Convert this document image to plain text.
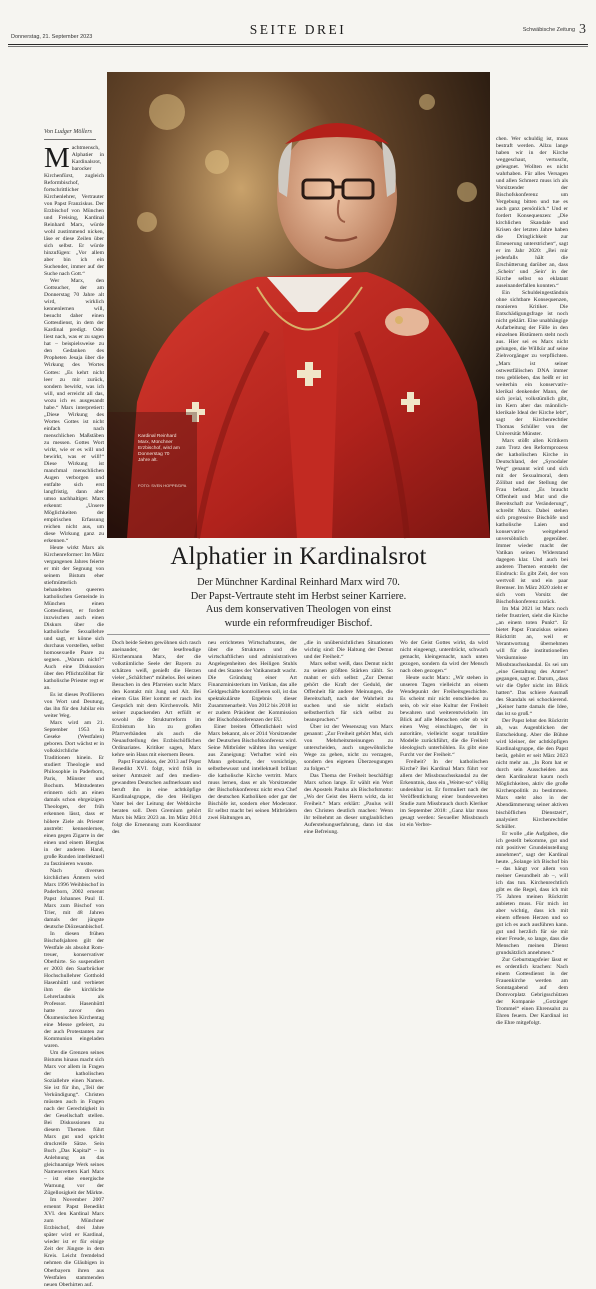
Donnerstag, 21. September 2023	SEITE DREI	Schwäbische Zeitung 3
Von Ludger Möllers

Machtmensch, Alphatier in Kardinalsrot, barocker Kirchenfürst, zugleich Reformbischof, fortschrittlicher Kirchenlehrer, Vertrauter von Papst Franziskus. Der Erzbischof von München und Freising, Kardinal Reinhard Marx, würde wohl zustimmend nicken, läse er diese Zeilen über sich selbst. Er würde hinzufügen: „Vor allem aber bin ich ein Suchender, immer auf der Suche nach Gott.“

Wer Marx, den Gottsucher, der am Donnerstag 70 Jahre alt wird, wirklich kennenlernen will, besucht daher einen Gottesdienst, in dem der Kardinal predigt. Oder liest nach, was er zu sagen hat – beispielsweise zu den Gedanken des Propheten Jesaja über die Wirkung des Wortes Gottes: „Es kehrt nicht leer zu mir zurück, sondern bewirkt, was ich will, und erreicht all das, wozu ich es ausgesandt habe.“ Marx interpretiert: „Diese Wirkung des Wortes Gottes ist nicht einfach nach menschlichen Maßstäben zu messen. Gottes Wort wirkt, wie er es will und bewirkt, was er will!“ Diese Wirkung ist manchmal menschlichen Augen verborgen und entfalte sich erst langfristig, dann aber umso nachhaltiger. Marx erkennt: „Unsere Möglichkeiten der empirischen Erfassung reichen nicht aus, um diese Wirkung ganz zu erkennen.“

Heute wirkt Marx als Kirchenreformer: Im März vergangenen Jahres feierte er mit der Segnung von seinem Bistum eher stiefmütterlich behandelten queeren katholischen Gemeinde in München einen Gottesdienst, er fordert inzwischen auch einen Diskurs über die katholische Sexuallehre und sagt, er könne sich durchaus vorstellen, selbst homosexuelle Paare zu segnen. „Warum nicht?“ Auch eine Diskussion über den Pflichtzölibat für katholische Priester regt er an.

Es ist dieses Profilieren von Wort und Deutung, das ihn für den Jubilar ein weiter Weg.

Marx wird am 21. September 1953 in Geseke (Westfalen) geboren. Dort wächst er in volkskirchliche Traditionen hinein. Er studiert Theologie und Philosophie in Paderborn, Paris, Münster und Bochum. Mitstudenten erinnern sich an einen damals schon ehrgeizigen Theologen, der früh erkennen lässt, dass er höhere Ziele als Priester anstrebt: kennenlernen, einen gegen Zigarre in der einen und einem Bierglas in der anderen Hand, große Runden intellektuell zu faszinieren wusste.

Nach diversen kirchlichen Ämtern wird Marx 1996 Weihbischof in Paderborn, 2002 ernennt Papst Johannes Paul II. Marx zum Bischof von Trier, mit 48 Jahren damals der jüngste deutsche Diözesanbischof.

In diesen frühen Bischofsjahren gilt der Westfale als absolut Rom-treuer, konservativer Oberhirte. So suspendiert er 2003 den Saarbrücker Hochschullehrer Gotthold Hasenhüttl und verbietet ihm die kirchliche Lehrerlaubnis als Professor. Hasenhüttl hatte zuvor den Ökumenischen Kirchentag eine Messe gefeiert, zu der auch Protestanten zur Kommunion eingeladen waren.

Um die Grenzen seines Bistums hinaus macht sich Marx vor allem in Fragen der katholischen Soziallehre einen Namen. Sie ist für ihn, „Teil der Verkündigung“. Christen müssten auch in Fragen nach der Gerechtigkeit in der Gesellschaft stellen. Bei Diskussionen zu diesem Themen führt Marx gut und spricht druckreife Sätze. Sein Buch „Das Kapital“ – in Anlehnung an das gleichnamige Werk seines Namensvetters Karl Marx – ist eine energische Warnung vor der Zügellosigkeit der Märkte.

Im November 2007 ernennt Papst Benedikt XVI. den Kardinal Marx zum Münchner Erzbischof, drei Jahre später wird er Kardinal, wieder ist er für einige Zeit der Jüngste in dem Kreis. Leicht fremdelnd nehmen die Gläubigen in Oberbayern ihren aus Westfalen stammenden neuen Oberhirten auf.

Kardinal Reinhard Marx, Münchner Erzbischof, wird am Donnerstag 70 Jahre alt.
FOTO: SVEN HOPPE/DPA
Alphatier in Kardinalsrot
Der Münchner Kardinal Reinhard Marx wird 70.
Der Papst-Vertraute steht im Herbst seiner Karriere.
Aus dem konservativen Theologen von einst
wurde ein reformfreudiger Bischof.

Doch beide Seiten gewöhnen sich rasch aneinander, der lesefreudige Kirchenmann Marx, der die volkstümliche Seele der Bayern zu schätzen weiß, genießt die Herzen vieler „Schäfchen“ mühelos. Bei seinen Besuchen in den Pfarreien sucht Marx den Kontakt mit Jung und Alt. Bei einem Glas Bier kommt er rasch ins Gespräch mit dem Kirchenvolk. Mit seiner zupackenden Art erfüllt er sowohl die Strukturreform im Erzbistum hin zu großen Pfarrverbänden als auch die Neuaufstellung des Erzbischöflichen Ordinariates. Kritiker sagen, Marx kehre sein Haus mit eisernem Besen.

Papst Franziskus, der 2013 auf Papst Benedikt XVI. folgt, wird früh in seiner Amtszeit auf den medien-gewandten Deutschen aufmerksam und beruft ihn in eine achtköpfige Kardinalsgruppe, die den Heiligen Vater bei der Leitung der Weltkirche beraten soll. Dem Gremium gehört Marx bis März 2023 an. Im März 2014 folgt die Ernennung zum Koordinator des

neu errichteten Wirtschaftsrates, der über die Strukturen und die wirtschaftlichen und administrativen Angelegenheiten des Heiligen Stuhls und des Staates der Vatikanstadt wacht. Die Gründung einer Art Finanzministerium im Vatikan, das alle Geldgeschäfte kontrollieren soll, ist das spektakulärste Ergebnis dieser Zusammenarbeit. Von 2012 bis 2018 ist er zudem Präsident der Kommission der Bischofskonferenzen der EU.

Einer breiten Öffentlichkeit wird Marx bekannt, als er 2014 Vorsitzender der Deutschen Bischofskonferenz wird. Seine Mitbrüder wählten ihn weniger aus Zuneigung: Verhaftet wird ein Mann gebraucht, der vorsichtige, selbstbewusst und intellektuell brillant die katholische Kirche vertritt. Marx muss lernen, dass er als Vorsitzender der Bischofskonferenz nicht etwa Chef der deutschen Katholiken oder gar der Bischöfe ist, sondern eher Moderator. Er selbst macht bei seinen Mitbrüdern zwei Haltungen an,

„die in unübersichtlichen Situationen wichtig sind: Die Haltung der Demut und der Freiheit.“

Marx selbst weiß, dass Demut nicht zu seinen größten Stärken zählt. So mahnt er sich selbst: „Zur Demut gehört die Kraft der Geduld, der Offenheit für andere Meinungen, die Bereitschaft, nach der Wahrheit zu suchen und sie nicht einfach selbstherrlich für sich selbst zu beanspruchen.“

Über ist der Wesenszug von Marx genannt: „Zur Freiheit gehört Mut, sich von Mehrheitsmeinungen zu unterscheiden, auch ungewöhnliche Wege zu gehen, nicht zu verzagen, sondern den eigenen Überzeugungen zu folgen.“

Das Thema der Freiheit beschäftigt Marx schon lange. Er wählt ein Wort des Apostels Paulus als Bischofsmotto: „Wo der Geist des Herrn wirkt, da ist Freiheit.“ Marx erklärt: „Paulus will den Christen deutlich machen: Wenn ihr teilnehmt an dieser umglaublichen Auferstehungserfahrung, dann ist das eine Befreiung.

Wo der Geist Gottes wirkt, da wird nicht eingeengt, unterdrückt, schwach gemacht, kleingemacht, nach unten gezogen, sondern da wird der Mensch nach oben gezogen.“

Heute sucht Marx: „Wir stehen in unseren Tagen vielleicht an einem Wendepunkt der Freiheitsgeschichte. Es scheint mir nicht entschieden zu sein, ob wir eine Kultur der Freiheit bewahren und weiterentwickeln im Blick auf alle Menschen oder ob wir einen Weg einschlagen, der in autoritäre, vielleicht sogar totalitäre Modelle zurückführt, die die Freiheit ideologisch unterhöhlen. Es gibt eine Furcht vor der Freiheit.“

Freiheit? In der katholischen Kirche? Bei Kardinal Marx führt vor allem der Missbrauchsskandal zu der Erkenntnis, dass ein „Weiter-so“ völlig undenkbar ist. Er formuliert nach der Veröffentlichung einer bundesweiten Studie zum Missbrauch durch Kleriker im September 2018: „Ganz klar muss gesagt werden: Sexueller Missbrauch ist ein Verbre-

chen. Wer schuldig ist, muss bestraft werden. Allzu lange haben wir in der Kirche weggeschaut, vertuscht, geleugnet. Wollten es nicht wahrhaben. Für alles Versagen und allen Schmerz muss ich als Vorsitzender der Bischofskonferenz um Vergebung bitten und tue es auch ganz persönlich.“ Und er fordert Konsequenzen: „Die kirchlichen Skandale und Krisen der letzten Jahre haben die Dringlichkeit zur Erneuerung unterstrichen“, sagt er im Jahr 2020: „Bei mir jedenfalls hält die Erschütterung darüber an, dass ‚Schein‘ und ‚Sein‘ in der Kirche selbst so eklatant auseinanderfallen konnten.“

Ein Schuldeingeständnis ohne sichtbare Konsequenzen, monieren Kritiker. Die Entschädigungsfrage ist noch nicht geklärt. Eine unabhängige Aufarbeitung der Fälle in den einzelnen Bistümern steht noch aus. Hier sei es Marx nicht gelungen, die Willkür auf seine Ziehvorgänger zu verpflichten. „Marx ist seiner ostwestfälischen DNA immer treu geblieben, das heißt er ist weiterhin ein konservativ-klerikal denkender Mann, der sich jovial, volkstümlich gibt, im Kern aber das männlich-klerikale Ideal der Kirche lebt“, sagt der Kirchenrechtler Thomas Schüller von der Universität Münster.

Marx stößt allen Kritikern zum Trotz den Reformprozess der katholischen Kirche in Deutschland, der „Synodaler Weg“ genannt wird und sich mit der Sexualmoral, dem Zölibat und der Stellung der Frau befasst. „Es braucht Offenheit und Mut und die Bereitschaft zur Veränderung“, schreibt Marx. Dabei stehen sich progressive Bischöfe und katholische Laien und konservative weitgehend unversöhnlich gegenüber. Immer wieder macht der Vatikan seinen Widerstand dagegen klar. Und auch bei anderen Themen entsteht der Eindruck: Es gibt Zeit, der von wertvoll ist und ein paar Bremser. Im März 2020 zieht er sich vom Vorsitz der Bischofskonferenz zurück.

Im Mai 2021 ist Marx noch tiefer frustriert, sieht die Kirche „an einem toten Punkt“. Er bietet Papst Franziskus seinen Rücktritt an, weil er Verantwortung übernehmen will für die institutionellen Versäumnisse im Missbrauchsskandal. Es sei um „eine Gestaltung des Amtes“ gegangen, sagt er. Darum, „dass wir die Opfer nicht im Blick hatten“. Das schiere Ausmaß des Skandals sei schockierend. „Keiner hatte damals die Idee, das ist so groß.“

Der Papst lehnt den Rücktritt ab, was Augenblicken der Entscheidung. Aber die Bühne wird kleiner, der achtköpfigen Kardinalsgruppe, die den Papst berät, gehört er seit März 2023 nicht mehr an. „In Rom hat er durch sein Ausscheiden aus dem Kardinalsrat kaum noch Möglichkeiten, aktiv die große Kirchenpolitik zu bestimmen. Marx steht also in der Abendämmerung seiner aktiven bischöflichen Dienstzeit“, analysiert Kirchenrechtler Schüller.

Er wolle „die Aufgaben, die ich gestellt bekomme, gut und mit positiver Grundeinstellung annehmen“, sagt der Kardinal heute. „Solange ich Bischof bin – das hängt vor allem von meiner Gesundheit ab –, will ich das tun. Kirchenrechtlich gibt es die Regel, dass ich mit 75 Jahren meinen Rücktritt anbieten muss. Für mich ist aber wichtig, dass ich mit einem offenen Herzen und so gut ich es auch ausführen kann. gut und herzlich für sie mit einer Freude, so lange, dass die Menschen meinen Dienst grundsätzlich annehmen.“

Zur Geburtstagsfeier lässt er es ordentlich krachen: Nach einem Gottesdienst in der Frauenkirche werden am Sonntagabend auf dem Domvorplatz Gebrigsschützen der Kompanie „Gotzinger Trommel“ einen Ehrensalut zu Ehren feuern. Der Kardinal ist die Ehre mitgefolgt.
